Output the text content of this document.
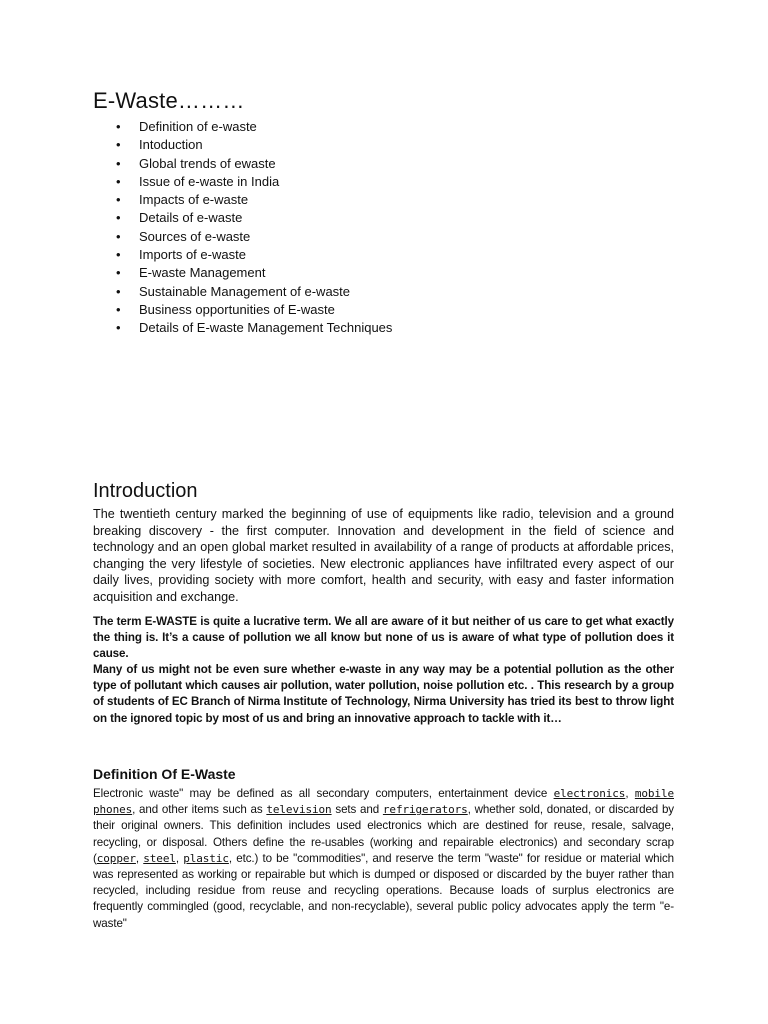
E-Waste………
• Definition of e-waste
• Intoduction
• Global trends of ewaste
• Issue of e-waste in India
• Impacts of e-waste
• Details of e-waste
• Sources of e-waste
• Imports of e-waste
• E-waste Management
• Sustainable Management of e-waste
• Business opportunities of E-waste
• Details of E-waste Management Techniques
Introduction

The twentieth century marked the beginning of use of equipments like radio, television and a ground breaking discovery - the first computer. Innovation and development in the field of science and technology and an open global market resulted in availability of a range of products at affordable prices, changing the very lifestyle of societies. New electronic appliances have infiltrated every aspect of our daily lives, providing society with more comfort, health and security, with easy and faster information acquisition and exchange.

The term E-WASTE is quite a lucrative term. We all are aware of it but neither of us care to get what exactly the thing is. It’s a cause of pollution we all know but none of us is aware of what type of pollution does it cause.

Many of us might not be even sure whether e-waste in any way may be a potential pollution as the other type of pollutant which causes air pollution, water pollution, noise pollution etc. . This research by a group of students of EC Branch of Nirma Institute of Technology, Nirma University has tried its best to throw light on the ignored topic by most of us and bring an innovative approach to tackle with it…

Definition Of E-Waste

Electronic waste" may be defined as all secondary computers, entertainment device electronics, mobile phones, and other items such as television sets and refrigerators, whether sold, donated, or discarded by their original owners. This definition includes used electronics which are destined for reuse, resale, salvage, recycling, or disposal. Others define the re-usables (working and repairable electronics) and secondary scrap (copper, steel, plastic, etc.) to be "commodities", and reserve the term "waste" for residue or material which was represented as working or repairable but which is dumped or disposed or discarded by the buyer rather than recycled, including residue from reuse and recycling operations. Because loads of surplus electronics are frequently commingled (good, recyclable, and non-recyclable), several public policy advocates apply the term "e-waste"
